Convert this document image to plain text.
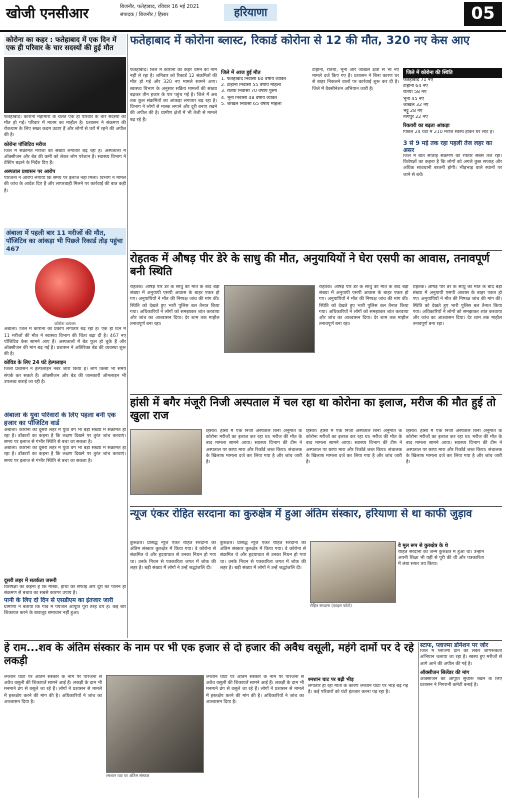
खोजी एनसीआर	बिजनौर, फतेहाबाद, रविवार 16 मई 2021
संपादक / बिजनौर / हिसार	हरियाणा	05
कोरोना का कहर : फतेहाबाद में एक दिन में एक ही परिवार के चार सदस्यों की हुई मौत
फतेहाबाद। कोरोना महामारी के चलते एक ही परिवार के चार सदस्यों की मौत हो गई। परिवार में मातम का माहौल है। प्रशासन ने संक्रमण की रोकथाम के लिए सख्त कदम उठाए हैं और लोगों से घरों में रहने की अपील की है।
कोरोना पॉजिटिव मरीज
जिले में संक्रमित मरीजों की संख्या लगातार बढ़ रही है। अस्पतालों में ऑक्सीजन और बेड की कमी को लेकर लोग परेशान हैं। स्वास्थ्य विभाग ने टेस्टिंग बढ़ाने के निर्देश दिए हैं।
अस्पताल प्रशासन पर आरोप
परिजनों ने आरोप लगाया कि समय पर इलाज नहीं मिला। विभाग ने मामले की जांच के आदेश दिए हैं और लापरवाही मिलने पर कार्रवाई की बात कही है।
फतेहाबाद में कोरोना ब्लास्ट, रिकार्ड कोरोना से 12 की मौत, 320 नए केस आए
फतेहाबाद। जिले में कोरोना का कहर थमने का नाम नहीं ले रहा है। शनिवार को रिकार्ड 12 संक्रमितों की मौत हो गई और 320 नए मामले सामने आए। स्वास्थ्य विभाग के अनुसार सक्रिय मामलों की संख्या बढ़कर तीन हजार के पार पहुंच गई है। जिले में अब तक कुल संक्रमितों का आंकड़ा लगातार बढ़ रहा है। विभाग ने लोगों से मास्क लगाने और दूरी बनाए रखने की अपील की है। ग्रामीण क्षेत्रों में भी तेजी से मामले बढ़ रहे हैं।
जिले में आज हुई मौत
1. फतेहाबाद निवासी 60 वर्षीय व्यक्ति
2. टोहाना निवासी 55 वर्षीय महिला
3. रतिया निवासी 70 वर्षीय पुरुष
4. भूना निवासी 48 वर्षीय व्यक्ति
5. जाखल निवासी 65 वर्षीय महिला
टोहाना, रतिया, भूना और जाखल क्षेत्रों से भी नए मामले दर्ज किए गए हैं। प्रशासन ने बिना कारण घर से बाहर निकलने वालों पर कार्रवाई शुरू कर दी है। जिले में वैक्सीनेशन अभियान जारी है।
जिले में कोरोना की स्थिति
फतेहाबाद 71 नए
टोहाना 64 नए
रतिया 58 नए
भूना 45 नए
जाखल 32 नए
भट्टू 28 नए
नागपुर 22 नए
रिकवरी का बढ़ता आंकड़ा
पिछले 24 घंटों में 210 मरीज स्वस्थ होकर घर लौटे हैं।
3 से 9 मई तक रहा पहली तेज लहर का असर
जिले में बीते सप्ताह संक्रमण की रफ्तार सबसे तेज रही। विशेषज्ञों का कहना है कि लोगों को अगले कुछ सप्ताह और अधिक सावधानी बरतनी होगी। भीड़भाड़ वाले स्थानों पर जाने से बचें।
अंबाला में पहली बार 11 मरीजों की मौत, पॉजिटिव का आंकड़ा भी पिछले रिकार्ड तोड़ पहुंचा 467
कोरोना वायरस
अंबाला। जिले में कोरोना का प्रकोप लगातार बढ़ रहा है। एक ही दिन में 11 मरीजों की मौत ने स्वास्थ्य विभाग की चिंता बढ़ा दी है। 467 नए पॉजिटिव केस सामने आए हैं। अस्पतालों में बेड फुल हो चुके हैं और ऑक्सीजन की मांग बढ़ गई है। प्रशासन ने अतिरिक्त बेड की व्यवस्था शुरू की है।
कोविड के लिए 24 घंटे हेल्पलाइन
जिला प्रशासन ने हेल्पलाइन नंबर जारी किया है। लोग किसी भी समय संपर्क कर सकते हैं। ऑक्सीजन और बेड की जानकारी ऑनलाइन भी उपलब्ध कराई जा रही है।
रोहतक में औषड़ पीर डेरे के साधु की मौत, अनुयायियों ने घेरा एसपी का आवास, तनावपूर्ण बनी स्थिति
रोहतक। औषड़ पीर डेरे के साधु की मौत के बाद बड़ी संख्या में अनुयायी एसपी आवास के बाहर एकत्र हो गए। अनुयायियों ने मौत की निष्पक्ष जांच की मांग की। स्थिति को देखते हुए भारी पुलिस बल तैनात किया गया। अधिकारियों ने लोगों को समझाकर शांत करवाया और जांच का आश्वासन दिया। देर शाम तक माहौल तनावपूर्ण बना रहा।
रोहतक। औषड़ पीर डेरे के साधु की मौत के बाद बड़ी संख्या में अनुयायी एसपी आवास के बाहर एकत्र हो गए। अनुयायियों ने मौत की निष्पक्ष जांच की मांग की। स्थिति को देखते हुए भारी पुलिस बल तैनात किया गया। अधिकारियों ने लोगों को समझाकर शांत करवाया और जांच का आश्वासन दिया। देर शाम तक माहौल तनावपूर्ण बना रहा।
रोहतक। औषड़ पीर डेरे के साधु की मौत के बाद बड़ी संख्या में अनुयायी एसपी आवास के बाहर एकत्र हो गए। अनुयायियों ने मौत की निष्पक्ष जांच की मांग की। स्थिति को देखते हुए भारी पुलिस बल तैनात किया गया। अधिकारियों ने लोगों को समझाकर शांत करवाया और जांच का आश्वासन दिया। देर शाम तक माहौल तनावपूर्ण बना रहा।
हांसी में बगैर मंजूरी निजी अस्पताल में चल रहा था कोरोना का इलाज, मरीज की मौत हुई तो खुला राज
हिसार। हांसी में एक निजी अस्पताल बिना अनुमति के कोरोना मरीजों का इलाज कर रहा था। मरीज की मौत के बाद मामला सामने आया। स्वास्थ्य विभाग की टीम ने अस्पताल पर छापा मारा और रिकॉर्ड जब्त किया। संचालक के खिलाफ मामला दर्ज कर लिया गया है और जांच जारी है।
हिसार। हांसी में एक निजी अस्पताल बिना अनुमति के कोरोना मरीजों का इलाज कर रहा था। मरीज की मौत के बाद मामला सामने आया। स्वास्थ्य विभाग की टीम ने अस्पताल पर छापा मारा और रिकॉर्ड जब्त किया। संचालक के खिलाफ मामला दर्ज कर लिया गया है और जांच जारी है।
हिसार। हांसी में एक निजी अस्पताल बिना अनुमति के कोरोना मरीजों का इलाज कर रहा था। मरीज की मौत के बाद मामला सामने आया। स्वास्थ्य विभाग की टीम ने अस्पताल पर छापा मारा और रिकॉर्ड जब्त किया। संचालक के खिलाफ मामला दर्ज कर लिया गया है और जांच जारी है।
अंबाला के युवा परिवारों के लिए पहला बनी एक हजार का पॉजिटिव वार्ड
अंबाला। कोरोना की दूसरी लहर में युवा वर्ग भी बड़ी संख्या में संक्रमित हो रहा है। डॉक्टरों का कहना है कि लक्षण दिखने पर तुरंत जांच करवाएं। समय पर इलाज से गंभीर स्थिति से बचा जा सकता है।
अंबाला। कोरोना की दूसरी लहर में युवा वर्ग भी बड़ी संख्या में संक्रमित हो रहा है। डॉक्टरों का कहना है कि लक्षण दिखने पर तुरंत जांच करवाएं। समय पर इलाज से गंभीर स्थिति से बचा जा सकता है।
न्यूज एंकर रोहित सरदाना का कुरुक्षेत्र में हुआ अंतिम संस्कार, हरियाणा से था काफी जुड़ाव
कुरुक्षेत्र। प्रसिद्ध न्यूज एंकर रोहित सरदाना का अंतिम संस्कार कुरुक्षेत्र में किया गया। वे कोरोना से संक्रमित थे और हृदयाघात से उनका निधन हो गया था। उनके निधन से पत्रकारिता जगत में शोक की लहर है। बड़ी संख्या में लोगों ने उन्हें श्रद्धांजलि दी।
कुरुक्षेत्र। प्रसिद्ध न्यूज एंकर रोहित सरदाना का अंतिम संस्कार कुरुक्षेत्र में किया गया। वे कोरोना से संक्रमित थे और हृदयाघात से उनका निधन हो गया था। उनके निधन से पत्रकारिता जगत में शोक की लहर है। बड़ी संख्या में लोगों ने उन्हें श्रद्धांजलि दी।
रोहित सरदाना (फाइल फोटो)
वे मूल रूप से कुरुक्षेत्र के थे
रोहित सरदाना का जन्म कुरुक्षेत्र में हुआ था। उन्होंने अपनी शिक्षा भी यहीं से पूरी की थी और पत्रकारिता में लंबा सफर तय किया।
दूसरी लहर में सतर्कता जरूरी
विशेषज्ञों का कहना है कि मास्क, हाथों की सफाई और दूरी का पालन ही संक्रमण से बचाव का सबसे कारगर उपाय है।
पानी के लिए दो दिन से एसडीएम का इंतजार जारी
ग्रामीणों ने बताया कि गांव में पेयजल आपूर्ति पूरी तरह ठप है। कई बार शिकायत करने के बावजूद समाधान नहीं हुआ।
हे राम...शव के अंतिम संस्कार के नाम पर भी एक हजार से दो हजार की अवैध वसूली, महंगे दामों पर दे रहे लकड़ी
श्मशान घाटों पर अंतिम संस्कार के नाम पर परिजनों से अवैध वसूली की शिकायतें सामने आई हैं। लकड़ी के दाम भी मनमाने ढंग से वसूले जा रहे हैं। लोगों ने प्रशासन से मामले में हस्तक्षेप करने की मांग की है। अधिकारियों ने जांच का आश्वासन दिया है।
श्मशान घाट पर अंतिम संस्कार
श्मशान घाटों पर अंतिम संस्कार के नाम पर परिजनों से अवैध वसूली की शिकायतें सामने आई हैं। लकड़ी के दाम भी मनमाने ढंग से वसूले जा रहे हैं। लोगों ने प्रशासन से मामले में हस्तक्षेप करने की मांग की है। अधिकारियों ने जांच का आश्वासन दिया है।
श्मशान घाट पर बढ़ी भीड़
लगातार हो रही मौतों के कारण श्मशान घाटों पर भीड़ बढ़ गई है। कई परिवारों को घंटों इंतजार करना पड़ रहा है।
स्टाफ, प्लाज्मा डोनेशन पर जोर
जिले में प्लाज्मा दान को लेकर जागरूकता अभियान चलाया जा रहा है। स्वस्थ हुए मरीजों से आगे आने की अपील की गई है।
ऑक्सीजन सिलेंडर की मांग
ऑक्सीजन की आपूर्ति सुचारू रखने के लिए प्रशासन ने निगरानी कमेटी बनाई है।
